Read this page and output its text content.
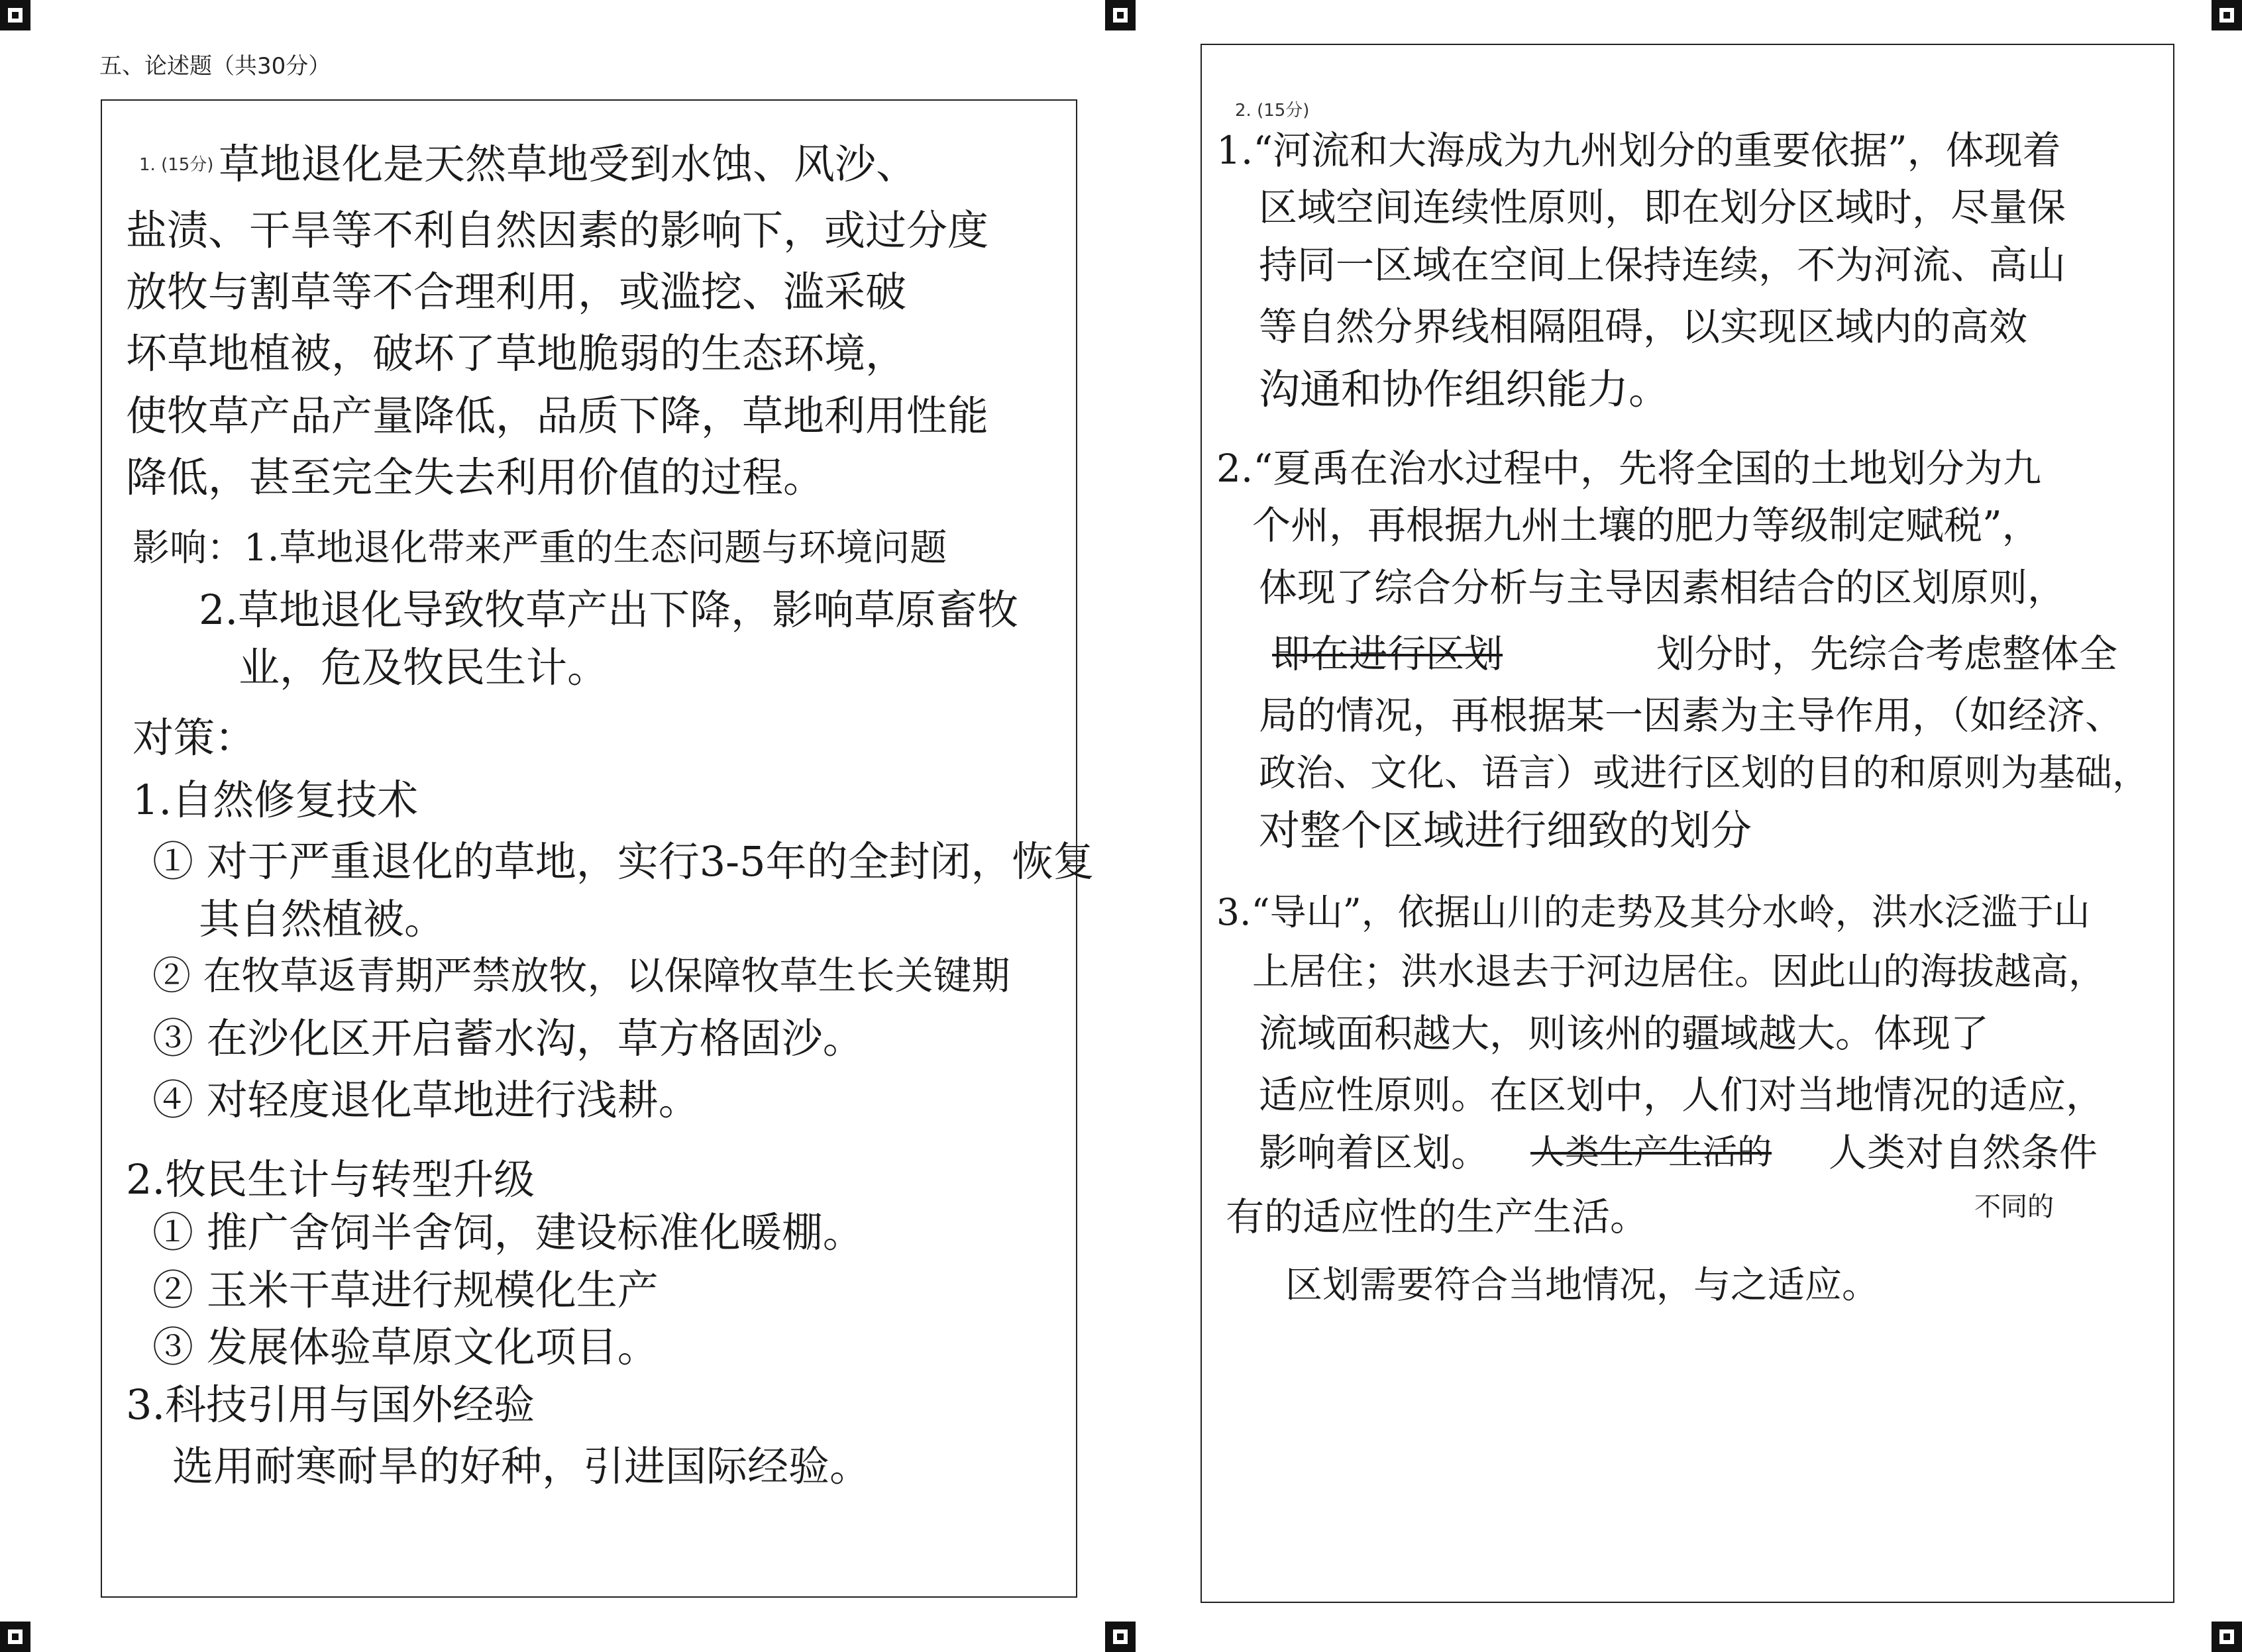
五、论述题（共30分）
1. (15分) 草地退化是天然草地受到水蚀、风沙、
盐渍、干旱等不利自然因素的影响下，或过分度
放牧与割草等不合理利用，或滥挖、滥采破
坏草地植被，破坏了草地脆弱的生态环境，
使牧草产品产量降低，品质下降，草地利用性能
降低，甚至完全失去利用价值的过程。
影响：1.草地退化带来严重的生态问题与环境问题
2.草地退化导致牧草产出下降，影响草原畜牧
业，危及牧民生计。
对策：
1.自然修复技术
① 对于严重退化的草地，实行3-5年的全封闭，恢复
其自然植被。
② 在牧草返青期严禁放牧，以保障牧草生长关键期
③ 在沙化区开启蓄水沟，草方格固沙。
④ 对轻度退化草地进行浅耕。
2.牧民生计与转型升级
① 推广舍饲半舍饲，建设标准化暖棚。
② 玉米干草进行规模化生产
③ 发展体验草原文化项目。
3.科技引用与国外经验
选用耐寒耐旱的好种，引进国际经验。
2. (15分)
1.“河流和大海成为九州划分的重要依据”，体现着
区域空间连续性原则，即在划分区域时，尽量保
持同一区域在空间上保持连续，不为河流、高山
等自然分界线相隔阻碍，以实现区域内的高效
沟通和协作组织能力。
2.“夏禹在治水过程中，先将全国的土地划分为九
个州，再根据九州土壤的肥力等级制定赋税”，
体现了综合分析与主导因素相结合的区划原则，
即在进行区划	划分时，先综合考虑整体全
局的情况，再根据某一因素为主导作用，（如经济、
政治、文化、语言）或进行区划的目的和原则为基础，
对整个区域进行细致的划分
3.“导山”，依据山川的走势及其分水岭，洪水泛滥于山
上居住；洪水退去于河边居住。因此山的海拔越高，
流域面积越大，则该州的疆域越大。体现了
适应性原则。在区划中，人们对当地情况的适应，
影响着区划。 人类生产生活的 人类对自然条件
不同的
有的适应性的生产生活。
区划需要符合当地情况，与之适应。
